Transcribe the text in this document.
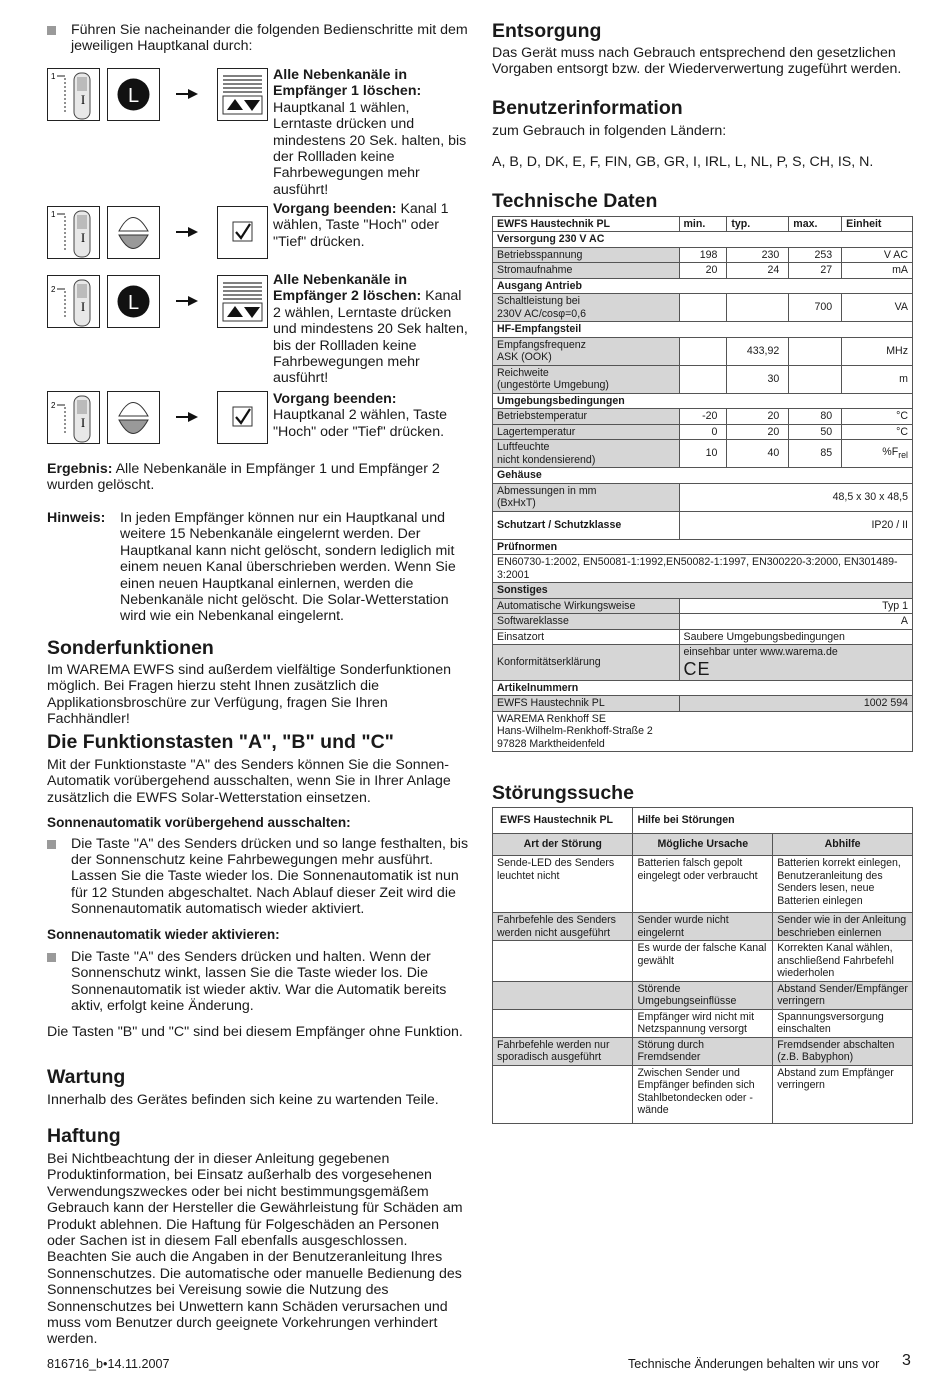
Führen Sie nacheinander die folgenden Bedienschritte mit dem jeweiligen Hauptkanal durch:
1
I L
Alle Nebenkanäle in Empfänger 1 löschen: Hauptkanal 1 wählen, Lerntaste drücken und mindestens 20 Sek. halten, bis der Rollladen keine Fahrbewegungen mehr ausführt!
1
I
Vorgang beenden: Kanal 1 wählen, Taste "Hoch" oder "Tief" drücken.
2
I L
Alle Nebenkanäle in Empfänger 2 löschen: Kanal 2 wählen, Lerntaste drücken und mindestens 20 Sek halten, bis der Rollladen keine Fahrbewegungen mehr ausführt!
2
I
Vorgang beenden: Hauptkanal 2 wählen, Taste "Hoch" oder "Tief" drücken.
Ergebnis: Alle Nebenkanäle in Empfänger 1 und Empfänger 2 wurden gelöscht.
Hinweis:	In jeden Empfänger können nur ein Hauptkanal und weitere 15 Nebenkanäle eingelernt werden. Der Hauptkanal kann nicht gelöscht, sondern lediglich mit einem neuen Kanal überschrieben werden. Wenn Sie einen neuen Hauptkanal einlernen, werden die Nebenkanäle nicht gelöscht. Die Solar-Wetterstation wird wie ein Nebenkanal eingelernt.
Sonderfunktionen
Im WAREMA EWFS sind außerdem vielfältige Sonderfunktionen möglich. Bei Fragen hierzu steht Ihnen zusätzlich die Applikationsbroschüre zur Verfügung, fragen Sie Ihren Fachhändler!
Die Funktionstasten "A", "B" und "C"
Mit der Funktionstaste "A" des Senders können Sie die Sonnen-Automatik vorübergehend ausschalten, wenn Sie in Ihrer Anlage zusätzlich die EWFS Solar-Wetterstation einsetzen.
Sonnenautomatik vorübergehend ausschalten:
Die Taste "A" des Senders drücken und so lange festhalten, bis der Sonnenschutz keine Fahrbewegungen mehr ausführt. Lassen Sie die Taste wieder los. Die Sonnenautomatik ist nun für 12 Stunden abgeschaltet. Nach Ablauf dieser Zeit wird die Sonnenautomatik automatisch wieder aktiviert.
Sonnenautomatik wieder aktivieren:
Die Taste "A" des Senders drücken und halten. Wenn der Sonnenschutz winkt, lassen Sie die Taste wieder los. Die Sonnenautomatik ist wieder aktiv. War die Automatik bereits aktiv, erfolgt keine Änderung.
Die Tasten "B" und "C" sind bei diesem Empfänger ohne Funktion.
Wartung
Innerhalb des Gerätes befinden sich keine zu wartenden Teile.
Haftung
Bei Nichtbeachtung der in dieser Anleitung gegebenen Produktinformation, bei Einsatz außerhalb des vorgesehenen Verwendungszweckes oder bei nicht bestimmungsgemäßem Gebrauch kann der Hersteller die Gewährleistung für Schäden am Produkt ablehnen. Die Haftung für Folgeschäden an Personen oder Sachen ist in diesem Fall ebenfalls ausgeschlossen. Beachten Sie auch die Angaben in der Benutzeranleitung Ihres Sonnenschutzes. Die automatische oder manuelle Bedienung des Sonnenschutzes bei Vereisung sowie die Nutzung des Sonnenschutzes bei Unwettern kann Schäden verursachen und muss vom Benutzer durch geeignete Vorkehrungen verhindert werden.
Entsorgung
Das Gerät muss nach Gebrauch entsprechend den gesetzlichen Vorgaben entsorgt bzw. der Wiederverwertung zugeführt werden.
Benutzerinformation
zum Gebrauch in folgenden Ländern:
A, B, D, DK, E, F, FIN, GB, GR, I, IRL, L, NL, P, S, CH, IS, N.
Technische Daten
EWFS Haustechnik PL	min.	typ.	max.	Einheit
Versorgung 230 V AC				
Betriebsspannung	198	230	253	V AC
Stromaufnahme	20	24	27	mA
Ausgang Antrieb				
Schaltleistung bei
230V AC/cosφ=0,6			700	VA
HF-Empfangsteil				
Empfangsfrequenz
ASK (OOK)		433,92		MHz
Reichweite
(ungestörte Umgebung)		30		m
Umgebungsbedingungen				
Betriebstemperatur	-20	20	80	°C
Lagertemperatur	0	20	50	°C
Luftfeuchte
nicht kondensierend)	10	40	85	$\%F_{rel}$
Gehäuse				
Abmessungen in mm
(BxHxT)	48,5 x 30 x 48,5			
Schutzart / Schutzklasse	IP20 / II			
Prüfnormen				
EN60730-1:2002, EN50081-1:1992,EN50082-1:1997, EN300220-3:2000, EN301489-3:2001				
Sonstiges				
Automatische Wirkungsweise	Typ 1			
Softwareklasse	A			
Einsatzort	Saubere Umgebungsbedingungen			
Konformitätserklärung	einsehbar unter www.warema.de
CE			

Artikelnummern				
EWFS Haustechnik PL	1002 594			

WAREMA Renkhoff SE
Hans-Wilhelm-Renkhoff-Straße 2
97828 Marktheidenfeld				
Störungssuche
EWFS Haustechnik PL	Hilfe bei Störungen	
Art der Störung	Mögliche Ursache	Abhilfe
Sende-LED des Senders leuchtet nicht	Batterien falsch gepolt eingelegt oder verbraucht	Batterien korrekt einlegen, Benutzeranleitung des Senders lesen, neue Batterien einlegen
Fahrbefehle des Senders werden nicht ausgeführt	Sender wurde nicht eingelernt	Sender wie in der Anleitung beschrieben einlernen
	Es wurde der falsche Kanal gewählt	Korrekten Kanal wählen, anschließend Fahrbefehl wiederholen
	Störende Umgebungseinflüsse	Abstand Sender/Empfänger verringern
	Empfänger wird nicht mit Netzspannung versorgt	Spannungsversorgung einschalten
Fahrbefehle werden nur sporadisch ausgeführt	Störung durch Fremdsender	Fremdsender abschalten (z.B. Babyphon)
	Zwischen Sender und Empfänger befinden sich Stahlbetondecken oder -wände	Abstand zum Empfänger verringern
816716_b•14.11.2007	Technische Änderungen behalten wir uns vor 3
